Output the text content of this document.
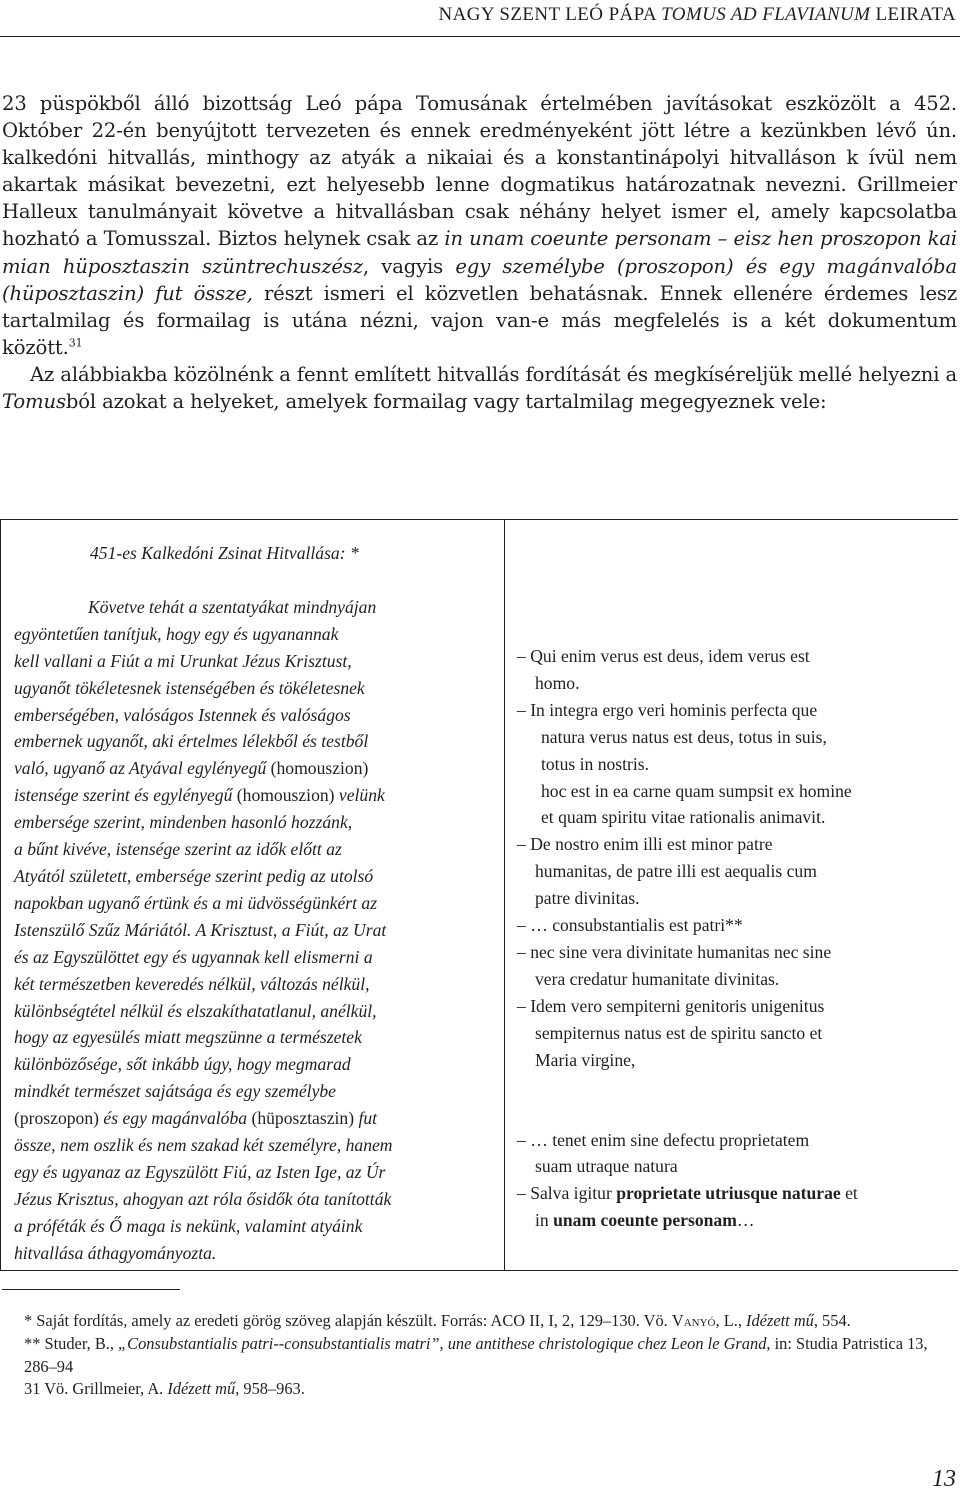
NAGY SZENT LEÓ PÁPA TOMUS AD FLAVIANUM LEIRATA

23 püspökből álló bizottság Leó pápa Tomusának értelmében javításokat eszközölt a 452. Október 22-én benyújtott tervezeten és ennek eredményeként jött létre a kezünkben lévő ún. kalkedóni hitvallás, minthogy az atyák a nikaiai és a konstantinápolyi hitvalláson k ívül nem akartak másikat bevezetni, ezt helyesebb lenne dogmatikus határozatnak nevezni. Grillmeier Halleux tanulmányait követve a hitvallásban csak néhány helyet ismer el, amely kapcsolatba hozható a Tomusszal. Biztos helynek csak az in unam coeunte personam – eisz hen proszopon kai mian hüposztaszin szüntrechuszész, vagyis egy személybe (proszopon) és egy magánvalóba (hüposztaszin) fut össze, részt ismeri el közvetlen behatásnak. Ennek ellenére érdemes lesz tartalmilag és formailag is utána nézni, vajon van-e más megfelelés is a két dokumentum között.$^{31}$

Az alábbiakba közölnénk a fennt említett hitvallás fordítását és megkíséreljük mellé helyezni a Tomusból azokat a helyeket, amelyek formailag vagy tartalmilag megegyeznek vele:

451-es Kalkedóni Zsinat Hitvallása: *
Követve tehát a szentatyákat mindnyájan
egyöntetűen tanítjuk, hogy egy és ugyanannak
kell vallani a Fiút a mi Urunkat Jézus Krisztust,
ugyanőt tökéletesnek istenségében és tökéletesnek
emberségében, valóságos Istennek és valóságos
embernek ugyanőt, aki értelmes lélekből és testből
való, ugyanő az Atyával egylényegű (homouszion)
istensége szerint és egylényegű (homouszion) velünk
embersége szerint, mindenben hasonló hozzánk,
a bűnt kivéve, istensége szerint az idők előtt az
Atyától született, embersége szerint pedig az utolsó
napokban ugyanő értünk és a mi üdvösségünkért az
Istenszülő Szűz Máriától. A Krisztust, a Fiút, az Urat
és az Egyszülöttet egy és ugyannak kell elismerni a
két természetben keveredés nélkül, változás nélkül,
különbségtétel nélkül és elszakíthatatlanul, anélkül,
hogy az egyesülés miatt megszünne a természetek
különbözősége, sőt inkább úgy, hogy megmarad
mindkét természet sajátsága és egy személybe
(proszopon) és egy magánvalóba (hüposztaszin) fut
össze, nem oszlik és nem szakad két személyre, hanem
egy és ugyanaz az Egyszülött Fiú, az Isten Ige, az Úr
Jézus Krisztus, ahogyan azt róla ősidők óta tanították
a próféták és Ő maga is nekünk, valamint atyáink
hitvallása áthagyományozta.
– Qui enim verus est deus, idem verus est
homo.
– In integra ergo veri hominis perfecta que
natura verus natus est deus, totus in suis,
totus in nostris.
hoc est in ea carne quam sumpsit ex homine
et quam spiritu vitae rationalis animavit.
– De nostro enim illi est minor patre
humanitas, de patre illi est aequalis cum
patre divinitas.
– … consubstantialis est patri**
– nec sine vera divinitate humanitas nec sine
vera credatur humanitate divinitas.
– Idem vero sempiterni genitoris unigenitus
sempiternus natus est de spiritu sancto et
Maria virgine,
– … tenet enim sine defectu proprietatem
suam utraque natura
– Salva igitur proprietate utriusque naturae et
in unam coeunte personam…

* Saját fordítás, amely az eredeti görög szöveg alapján készült. Forrás: ACO II, I, 2, 129–130. Vö. Vanyó, L., Idézett mű, 554.

** Studer, B., „Consubstantialis patri--consubstantialis matri”, une antithese christologique chez Leon le Grand, in: Studia Patristica 13, 286–94

31 Vö. Grillmeier, A. Idézett mű, 958–963.

13
